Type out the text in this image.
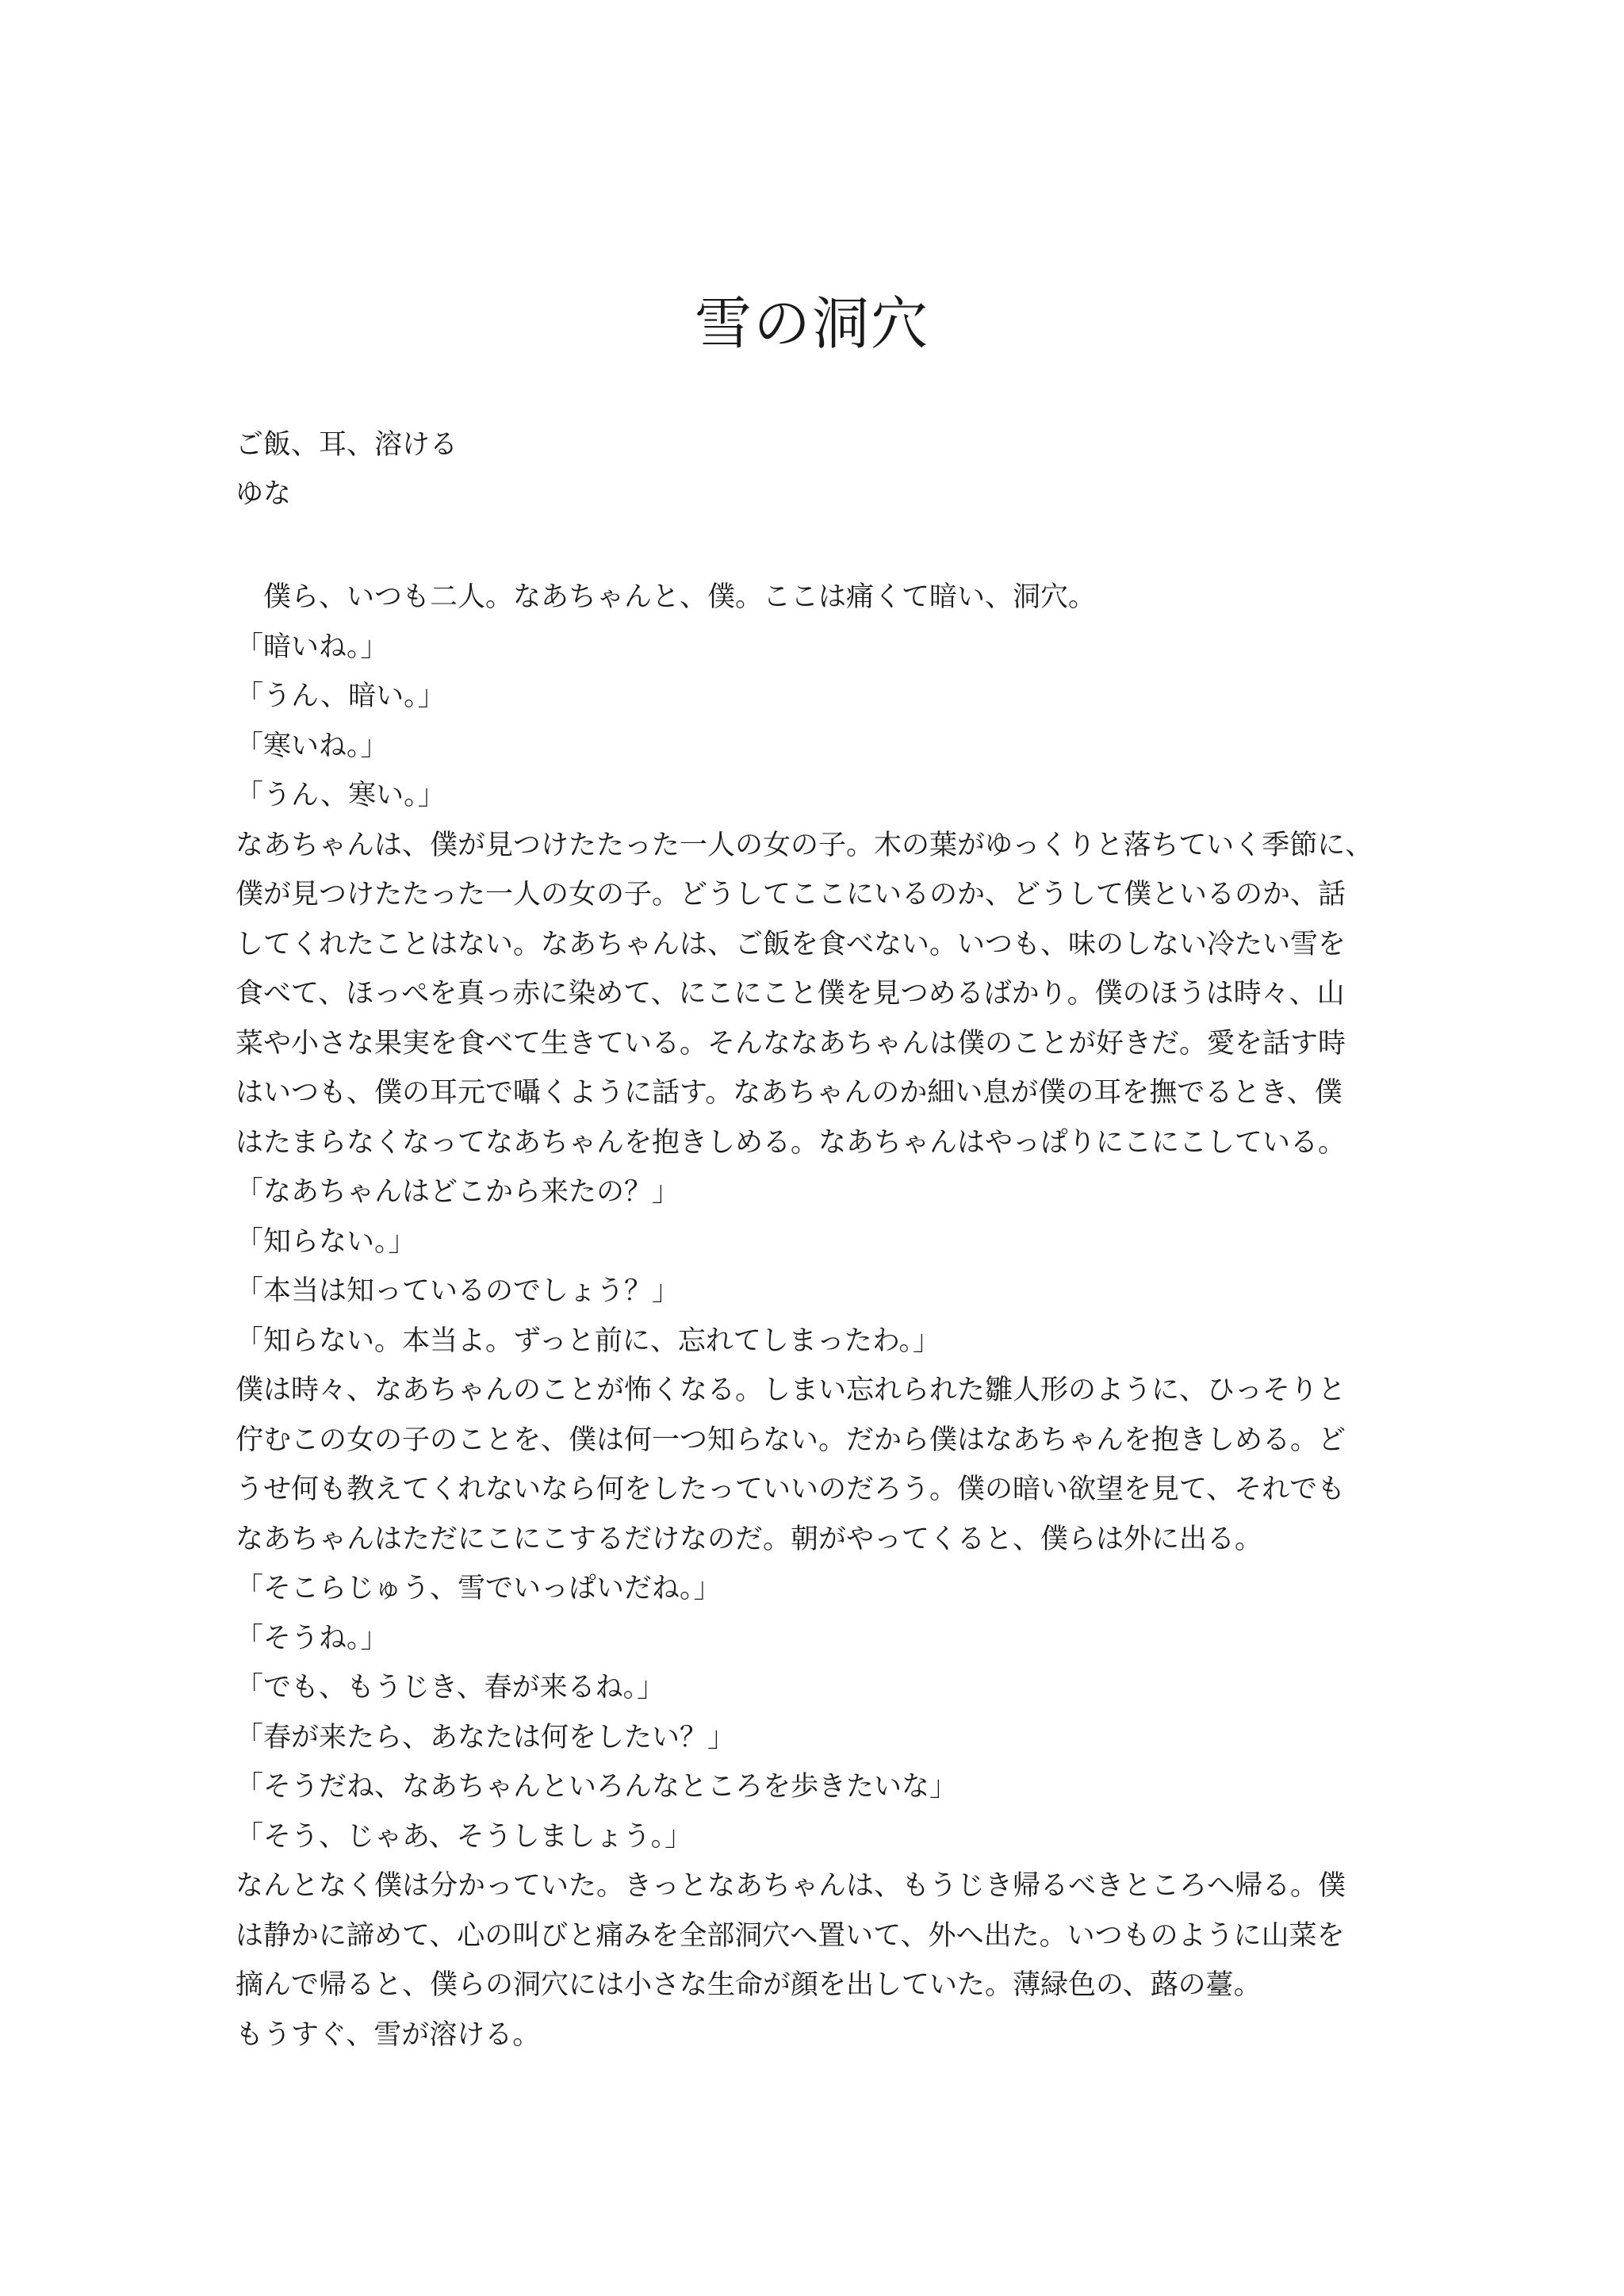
雪の洞穴
ご飯、耳、溶ける
ゆな

　僕ら、いつも二人。なあちゃんと、僕。ここは痛くて暗い、洞穴。

「暗いね。」

「うん、暗い。」

「寒いね。」

「うん、寒い。」

なあちゃんは、僕が見つけたたった一人の女の子。木の葉がゆっくりと落ちていく季節に、

僕が見つけたたった一人の女の子。どうしてここにいるのか、どうして僕といるのか、話

してくれたことはない。なあちゃんは、ご飯を食べない。いつも、味のしない冷たい雪を

食べて、ほっぺを真っ赤に染めて、にこにこと僕を見つめるばかり。僕のほうは時々、山

菜や小さな果実を食べて生きている。そんななあちゃんは僕のことが好きだ。愛を話す時

はいつも、僕の耳元で囁くように話す。なあちゃんのか細い息が僕の耳を撫でるとき、僕

はたまらなくなってなあちゃんを抱きしめる。なあちゃんはやっぱりにこにこしている。

「なあちゃんはどこから来たの？」

「知らない。」

「本当は知っているのでしょう？」

「知らない。本当よ。ずっと前に、忘れてしまったわ。」

僕は時々、なあちゃんのことが怖くなる。しまい忘れられた雛人形のように、ひっそりと

佇むこの女の子のことを、僕は何一つ知らない。だから僕はなあちゃんを抱きしめる。ど

うせ何も教えてくれないなら何をしたっていいのだろう。僕の暗い欲望を見て、それでも

なあちゃんはただにこにこするだけなのだ。朝がやってくると、僕らは外に出る。

「そこらじゅう、雪でいっぱいだね。」

「そうね。」

「でも、もうじき、春が来るね。」

「春が来たら、あなたは何をしたい？」

「そうだね、なあちゃんといろんなところを歩きたいな」

「そう、じゃあ、そうしましょう。」

なんとなく僕は分かっていた。きっとなあちゃんは、もうじき帰るべきところへ帰る。僕

は静かに諦めて、心の叫びと痛みを全部洞穴へ置いて、外へ出た。いつものように山菜を

摘んで帰ると、僕らの洞穴には小さな生命が顔を出していた。薄緑色の、蕗の薹。

もうすぐ、雪が溶ける。
